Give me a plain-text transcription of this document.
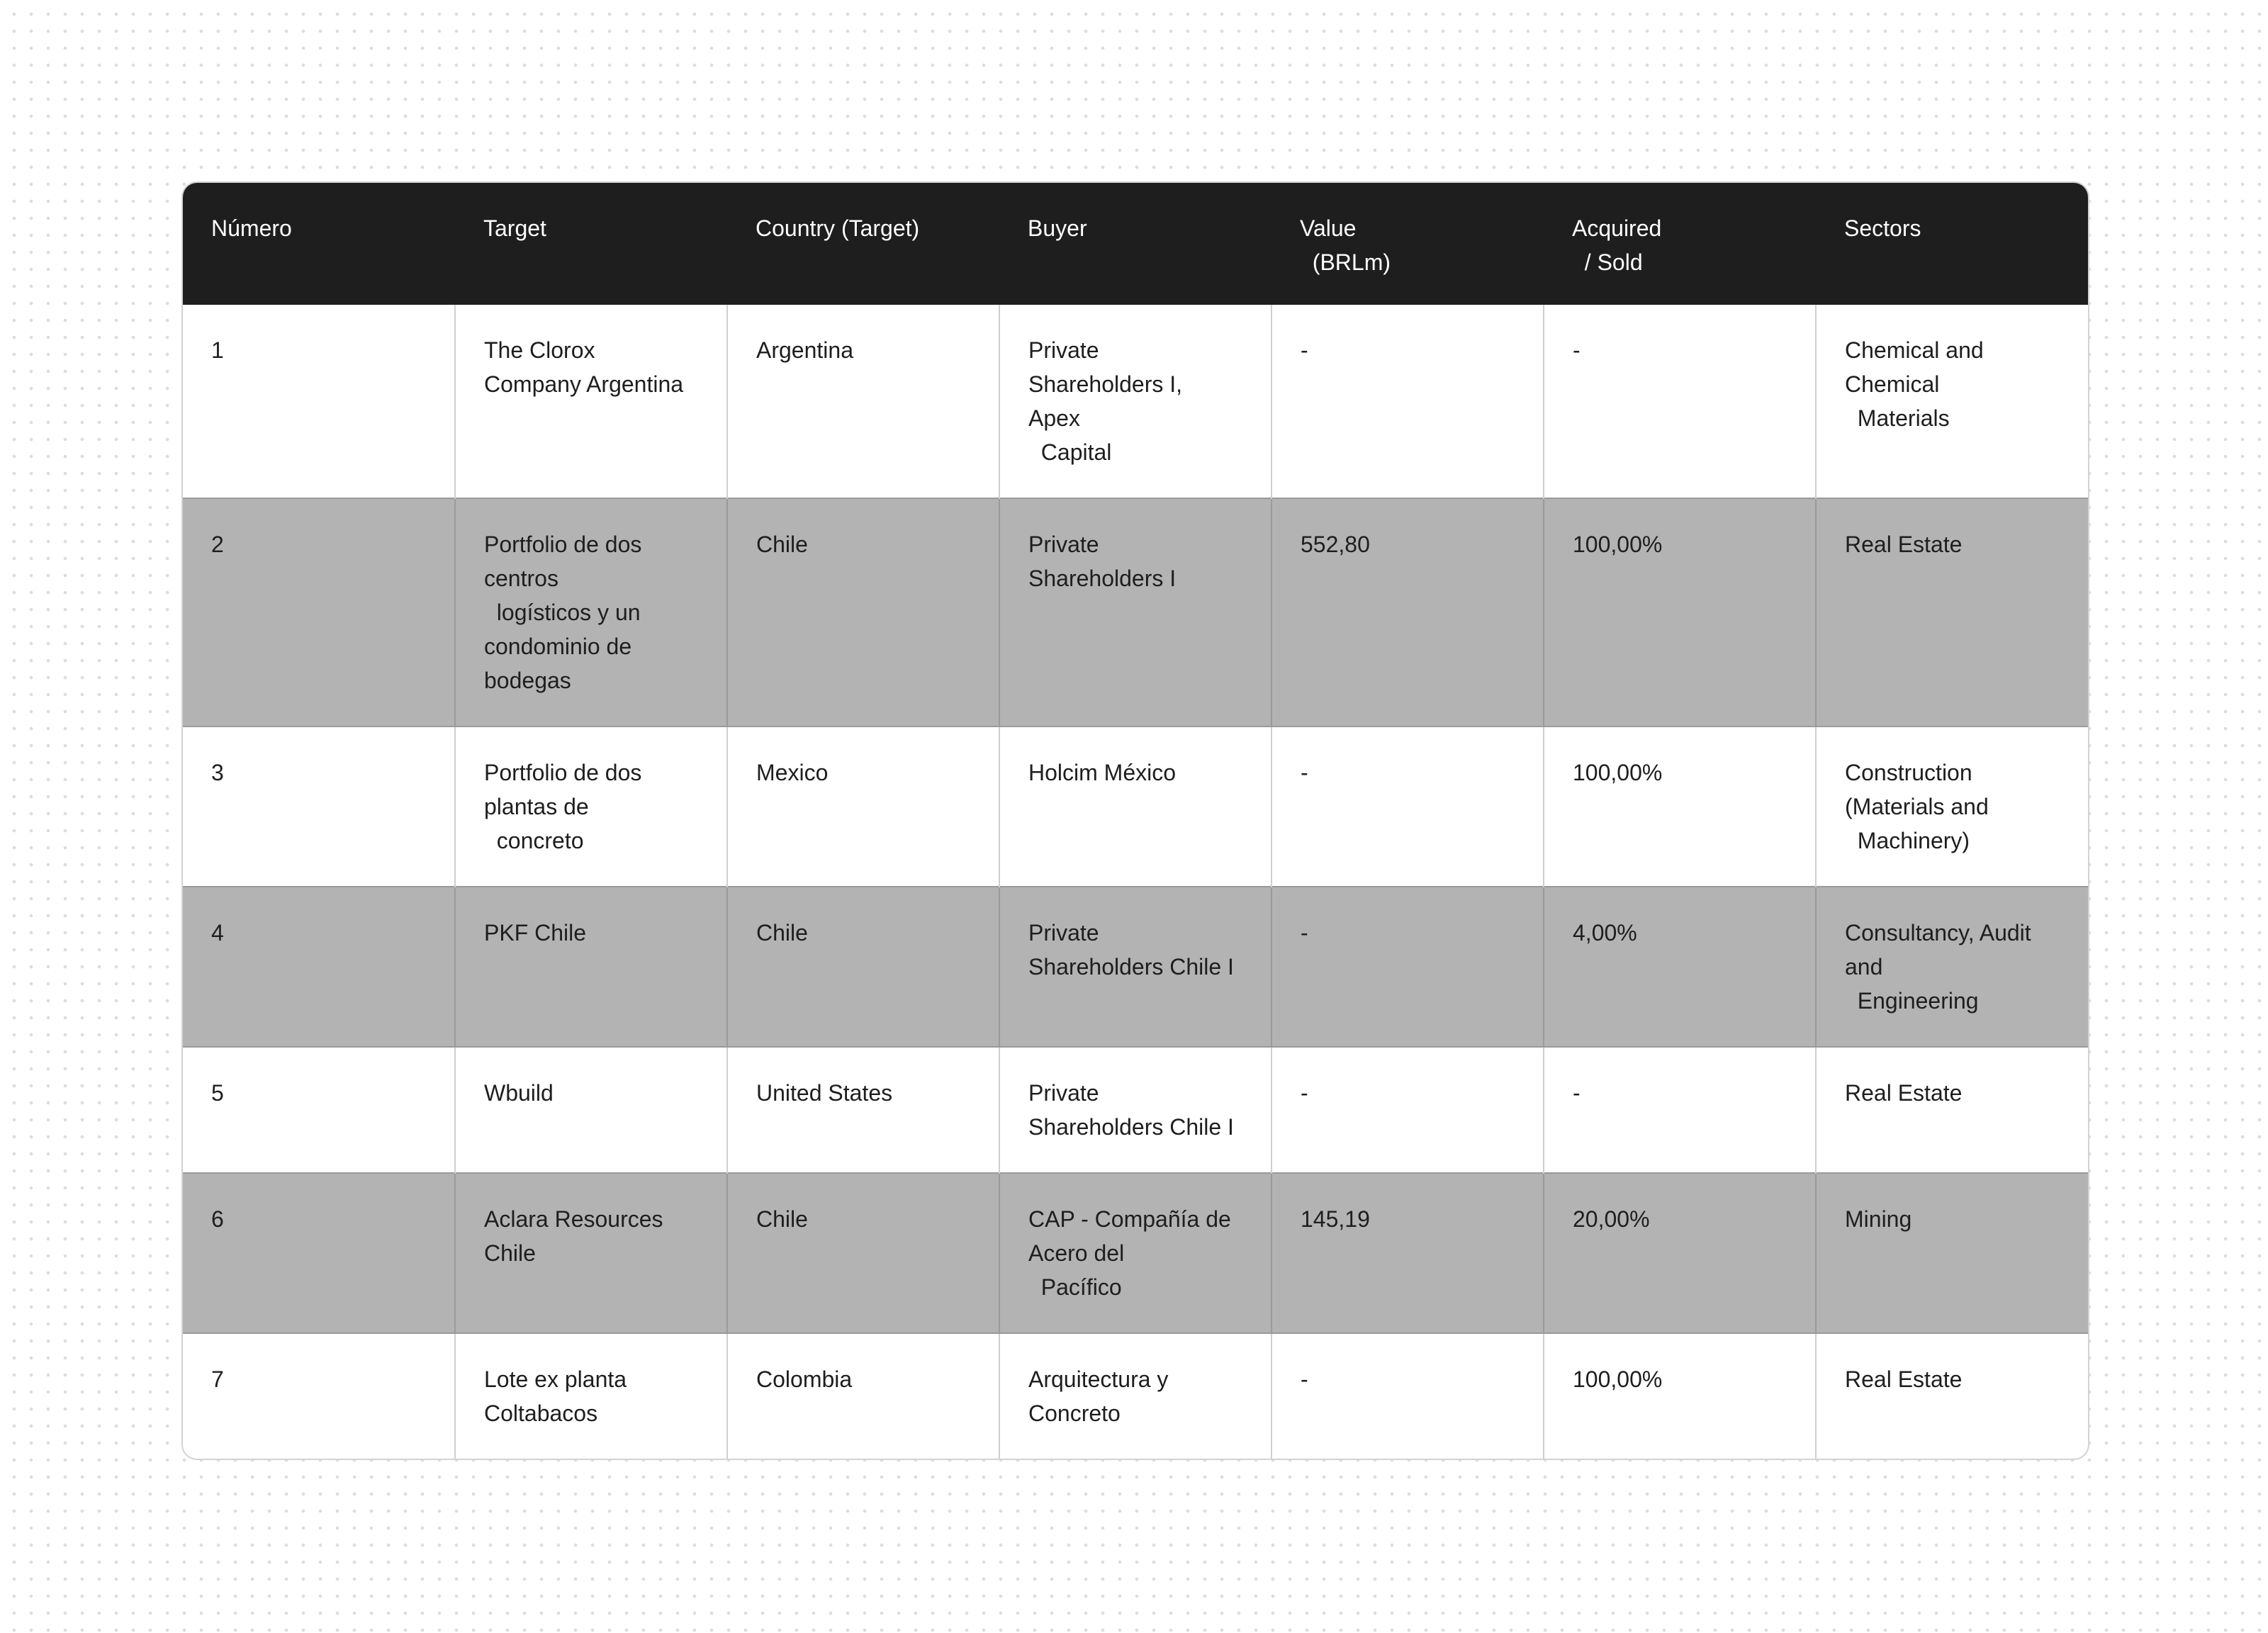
Número	Target	Country (Target)	Buyer	Value
(BRLm)	Acquired
/ Sold	Sectors
1	The Clorox
Company Argentina	Argentina	Private
Shareholders I,
Apex
Capital	-	-	Chemical and
Chemical
Materials
2	Portfolio de dos
centros
logísticos y un
condominio de
bodegas	Chile	Private
Shareholders I	552,80	100,00%	Real Estate
3	Portfolio de dos
plantas de
concreto	Mexico	Holcim México	-	100,00%	Construction
(Materials and
Machinery)
4	PKF Chile	Chile	Private
Shareholders Chile I	-	4,00%	Consultancy, Audit
and
Engineering
5	Wbuild	United States	Private
Shareholders Chile I	-	-	Real Estate
6	Aclara Resources
Chile	Chile	CAP - Compañía de
Acero del
Pacífico	145,19	20,00%	Mining
7	Lote ex planta
Coltabacos	Colombia	Arquitectura y
Concreto	-	100,00%	Real Estate
